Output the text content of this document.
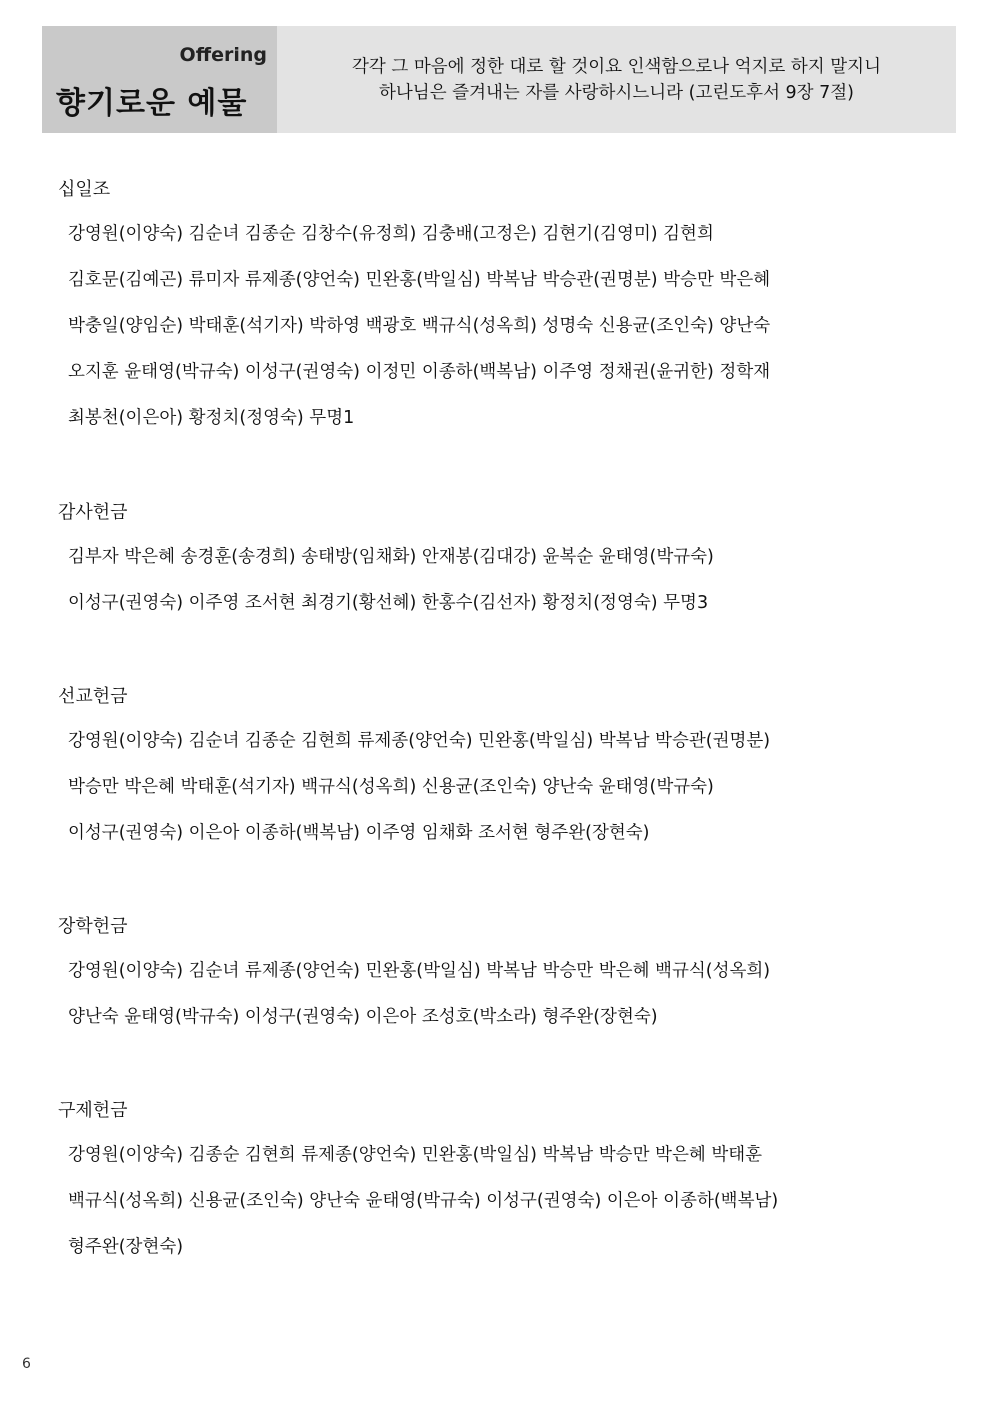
Offering
향기로운 예물
각각 그 마음에 정한 대로 할 것이요 인색함으로나 억지로 하지 말지니
하나님은 즐겨내는 자를 사랑하시느니라 (고린도후서 9장 7절)
십일조
강영원(이양숙) 김순녀 김종순 김창수(유정희) 김충배(고정은) 김현기(김영미) 김현희
김호문(김예곤) 류미자 류제종(양언숙) 민완홍(박일심) 박복남 박승관(권명분) 박승만 박은혜
박충일(양임순) 박태훈(석기자) 박하영 백광호 백규식(성옥희) 성명숙 신용균(조인숙) 양난숙
오지훈 윤태영(박규숙) 이성구(권영숙) 이정민 이종하(백복남) 이주영 정채권(윤귀한) 정학재
최봉천(이은아) 황정치(정영숙) 무명1
감사헌금
김부자 박은혜 송경훈(송경희) 송태방(임채화) 안재봉(김대강) 윤복순 윤태영(박규숙)
이성구(권영숙) 이주영 조서현 최경기(황선혜) 한홍수(김선자) 황정치(정영숙) 무명3
선교헌금
강영원(이양숙) 김순녀 김종순 김현희 류제종(양언숙) 민완홍(박일심) 박복남 박승관(권명분)
박승만 박은혜 박태훈(석기자) 백규식(성옥희) 신용균(조인숙) 양난숙 윤태영(박규숙)
이성구(권영숙) 이은아 이종하(백복남) 이주영 임채화 조서현 형주완(장현숙)
장학헌금
강영원(이양숙) 김순녀 류제종(양언숙) 민완홍(박일심) 박복남 박승만 박은혜 백규식(성옥희)
양난숙 윤태영(박규숙) 이성구(권영숙) 이은아 조성호(박소라) 형주완(장현숙)
구제헌금
강영원(이양숙) 김종순 김현희 류제종(양언숙) 민완홍(박일심) 박복남 박승만 박은혜 박태훈
백규식(성옥희) 신용균(조인숙) 양난숙 윤태영(박규숙) 이성구(권영숙) 이은아 이종하(백복남)
형주완(장현숙)
6
